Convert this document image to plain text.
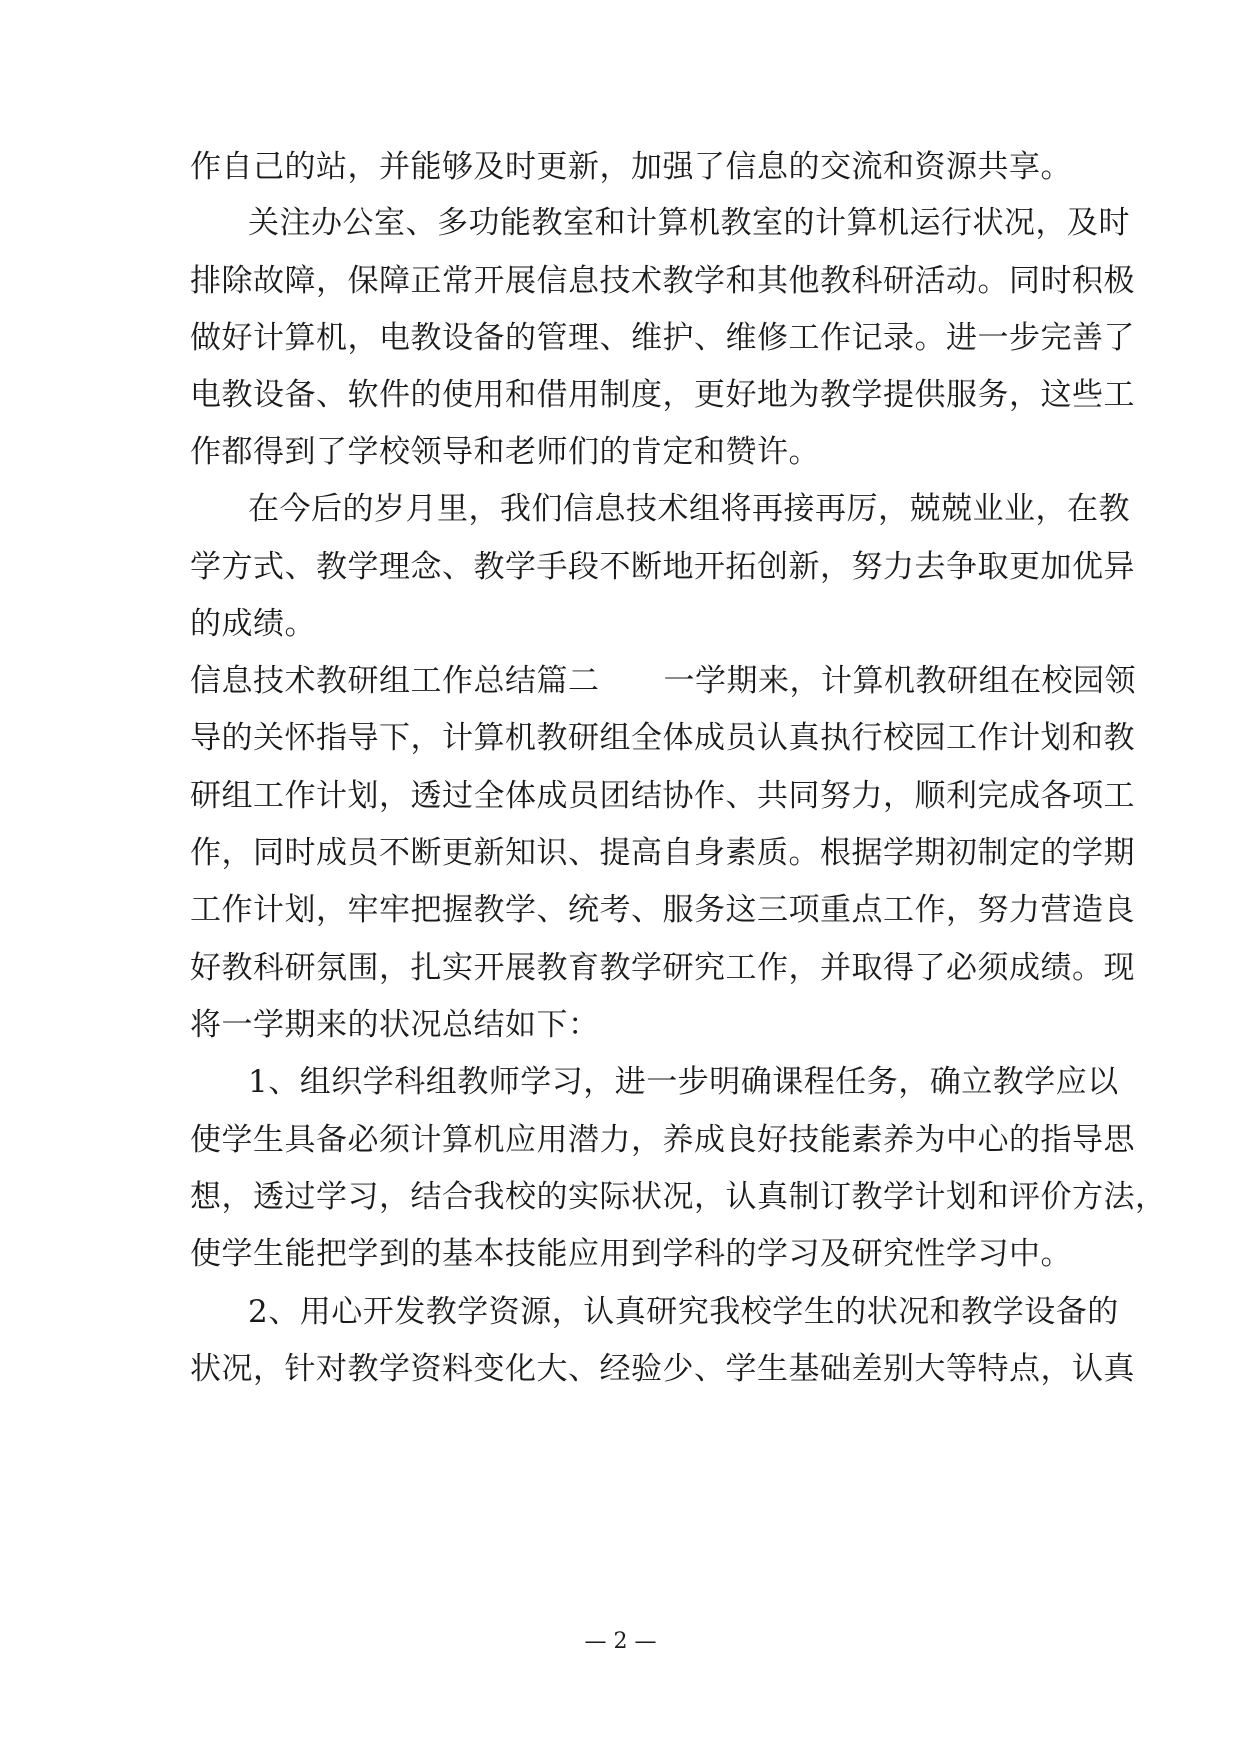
作自己的站，并能够及时更新，加强了信息的交流和资源共享。
关注办公室、多功能教室和计算机教室的计算机运行状况，及时
排除故障，保障正常开展信息技术教学和其他教科研活动。同时积极
做好计算机，电教设备的管理、维护、维修工作记录。进一步完善了
电教设备、软件的使用和借用制度，更好地为教学提供服务，这些工
作都得到了学校领导和老师们的肯定和赞许。
在今后的岁月里，我们信息技术组将再接再厉，兢兢业业，在教
学方式、教学理念、教学手段不断地开拓创新，努力去争取更加优异
的成绩。
信息技术教研组工作总结篇二 一学期来，计算机教研组在校园领
导的关怀指导下，计算机教研组全体成员认真执行校园工作计划和教
研组工作计划，透过全体成员团结协作、共同努力，顺利完成各项工
作，同时成员不断更新知识、提高自身素质。根据学期初制定的学期
工作计划，牢牢把握教学、统考、服务这三项重点工作，努力营造良
好教科研氛围，扎实开展教育教学研究工作，并取得了必须成绩。现
将一学期来的状况总结如下：
1、组织学科组教师学习，进一步明确课程任务，确立教学应以
使学生具备必须计算机应用潜力，养成良好技能素养为中心的指导思
想，透过学习，结合我校的实际状况，认真制订教学计划和评价方法，
使学生能把学到的基本技能应用到学科的学习及研究性学习中。
2、用心开发教学资源，认真研究我校学生的状况和教学设备的
状况，针对教学资料变化大、经验少、学生基础差别大等特点，认真
— 2 —
